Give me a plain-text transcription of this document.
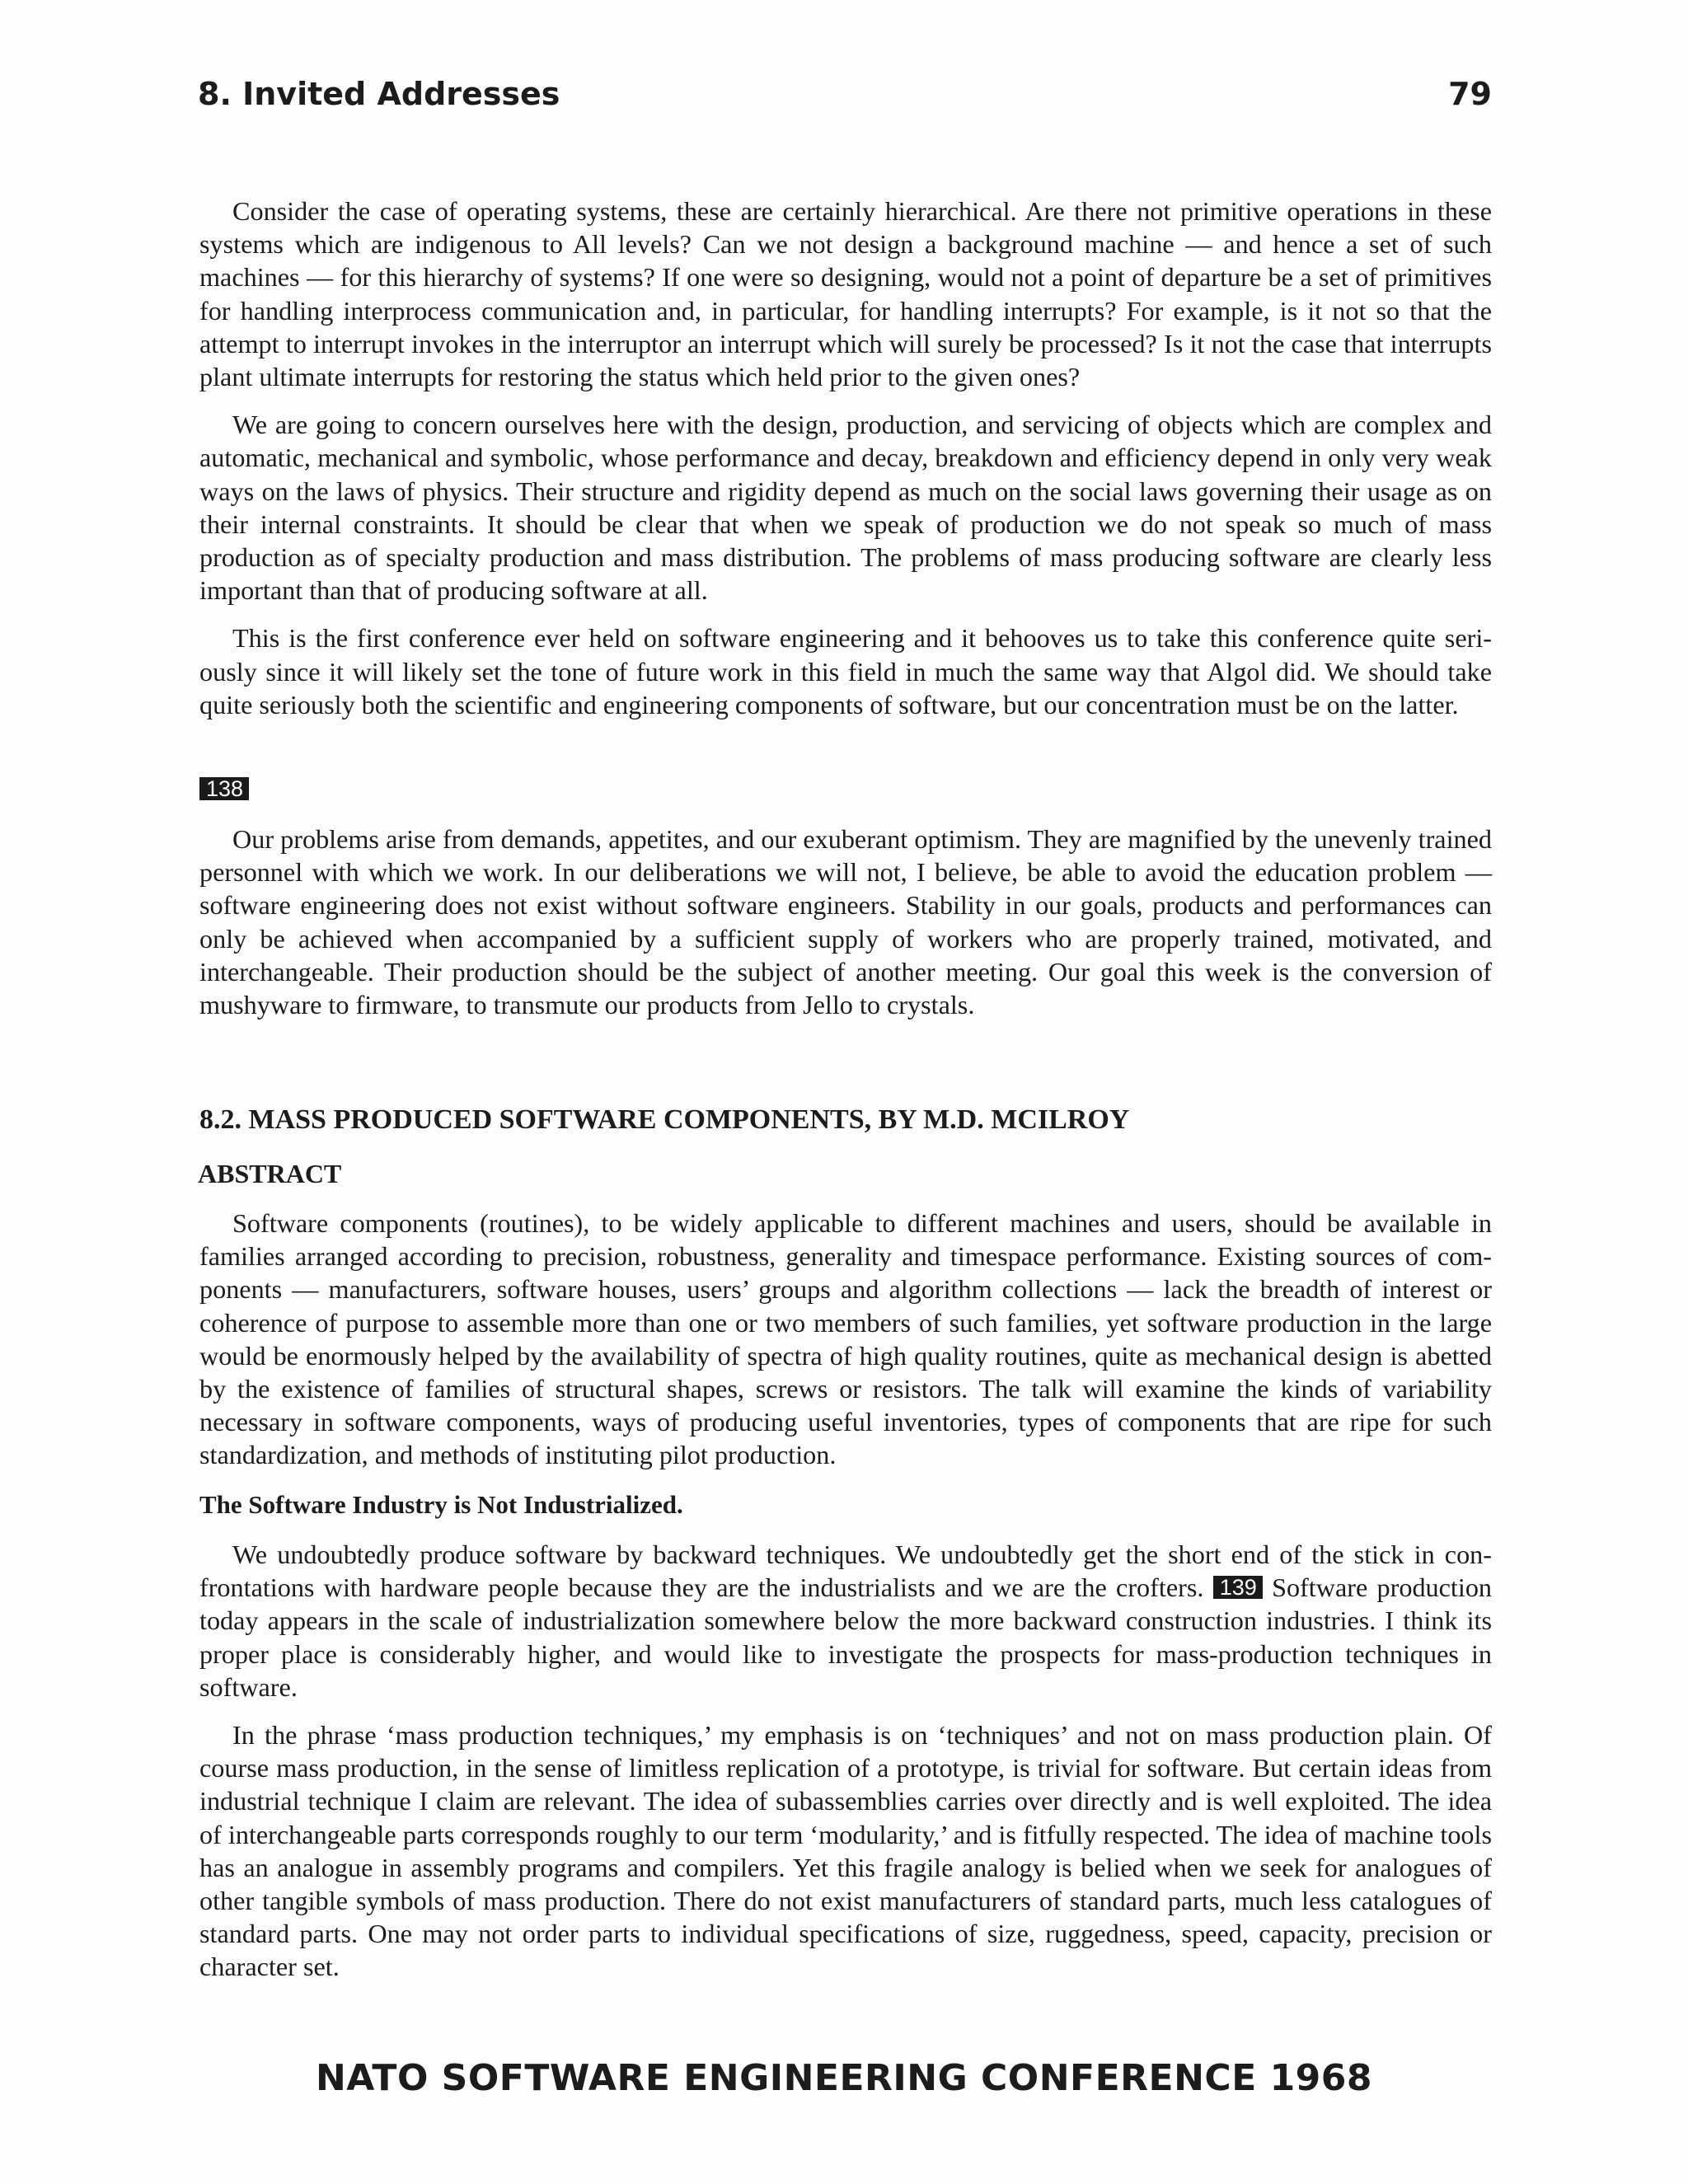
8. Invited Addresses	79

Consider the case of operating systems, these are certainly hierarchical. Are there not primitive operations in these systems which are indigenous to All levels? Can we not design a background machine — and hence a set of such machines — for this hierarchy of systems? If one were so designing, would not a point of departure be a set of primitives for handling interprocess communication and, in particular, for handling interrupts? For example, is it not so that the attempt to interrupt invokes in the interruptor an interrupt which will surely be processed? Is it not the case that interrupts plant ultimate interrupts for restoring the status which held prior to the given ones?

We are going to concern ourselves here with the design, production, and servicing of objects which are complex and automatic, mechanical and symbolic, whose performance and decay, breakdown and efficiency depend in only very weak ways on the laws of physics. Their structure and rigidity depend as much on the social laws governing their usage as on their internal constraints. It should be clear that when we speak of production we do not speak so much of mass production as of specialty production and mass distribution. The problems of mass producing software are clearly less important than that of producing software at all.

This is the first conference ever held on software engineering and it behooves us to take this conference quite seriously since it will likely set the tone of future work in this field in much the same way that Algol did. We should take quite seriously both the scientific and engineering components of software, but our concentration must be on the latter.

138

Our problems arise from demands, appetites, and our exuberant optimism. They are magnified by the unevenly trained personnel with which we work. In our deliberations we will not, I believe, be able to avoid the education problem — software engineering does not exist without software engineers. Stability in our goals, products and performances can only be achieved when accompanied by a sufficient supply of workers who are properly trained, motivated, and interchangeable. Their production should be the subject of another meeting. Our goal this week is the conversion of mushyware to firmware, to transmute our products from Jello to crystals.

8.2. MASS PRODUCED SOFTWARE COMPONENTS, BY M.D. MCILROY
ABSTRACT

Software components (routines), to be widely applicable to different machines and users, should be available in families arranged according to precision, robustness, generality and timespace performance. Existing sources of components — manufacturers, software houses, users’ groups and algorithm collections — lack the breadth of interest or coherence of purpose to assemble more than one or two members of such families, yet software production in the large would be enormously helped by the availability of spectra of high quality routines, quite as mechanical design is abetted by the existence of families of structural shapes, screws or resistors. The talk will examine the kinds of variability necessary in software components, ways of producing useful inventories, types of components that are ripe for such standardization, and methods of instituting pilot production.

The Software Industry is Not Industrialized.

We undoubtedly produce software by backward techniques. We undoubtedly get the short end of the stick in confrontations with hardware people because they are the industrialists and we are the crofters. 139 Software production today appears in the scale of industrialization somewhere below the more backward construction industries. I think its proper place is considerably higher, and would like to investigate the prospects for mass-production techniques in software.

In the phrase ‘mass production techniques,’ my emphasis is on ‘techniques’ and not on mass production plain. Of course mass production, in the sense of limitless replication of a prototype, is trivial for software. But certain ideas from industrial technique I claim are relevant. The idea of subassemblies carries over directly and is well exploited. The idea of interchangeable parts corresponds roughly to our term ‘modularity,’ and is fitfully respected. The idea of machine tools has an analogue in assembly programs and compilers. Yet this fragile analogy is belied when we seek for analogues of other tangible symbols of mass production. There do not exist manufacturers of standard parts, much less catalogues of standard parts. One may not order parts to individual specifications of size, ruggedness, speed, capacity, precision or character set.

NATO SOFTWARE ENGINEERING CONFERENCE 1968
